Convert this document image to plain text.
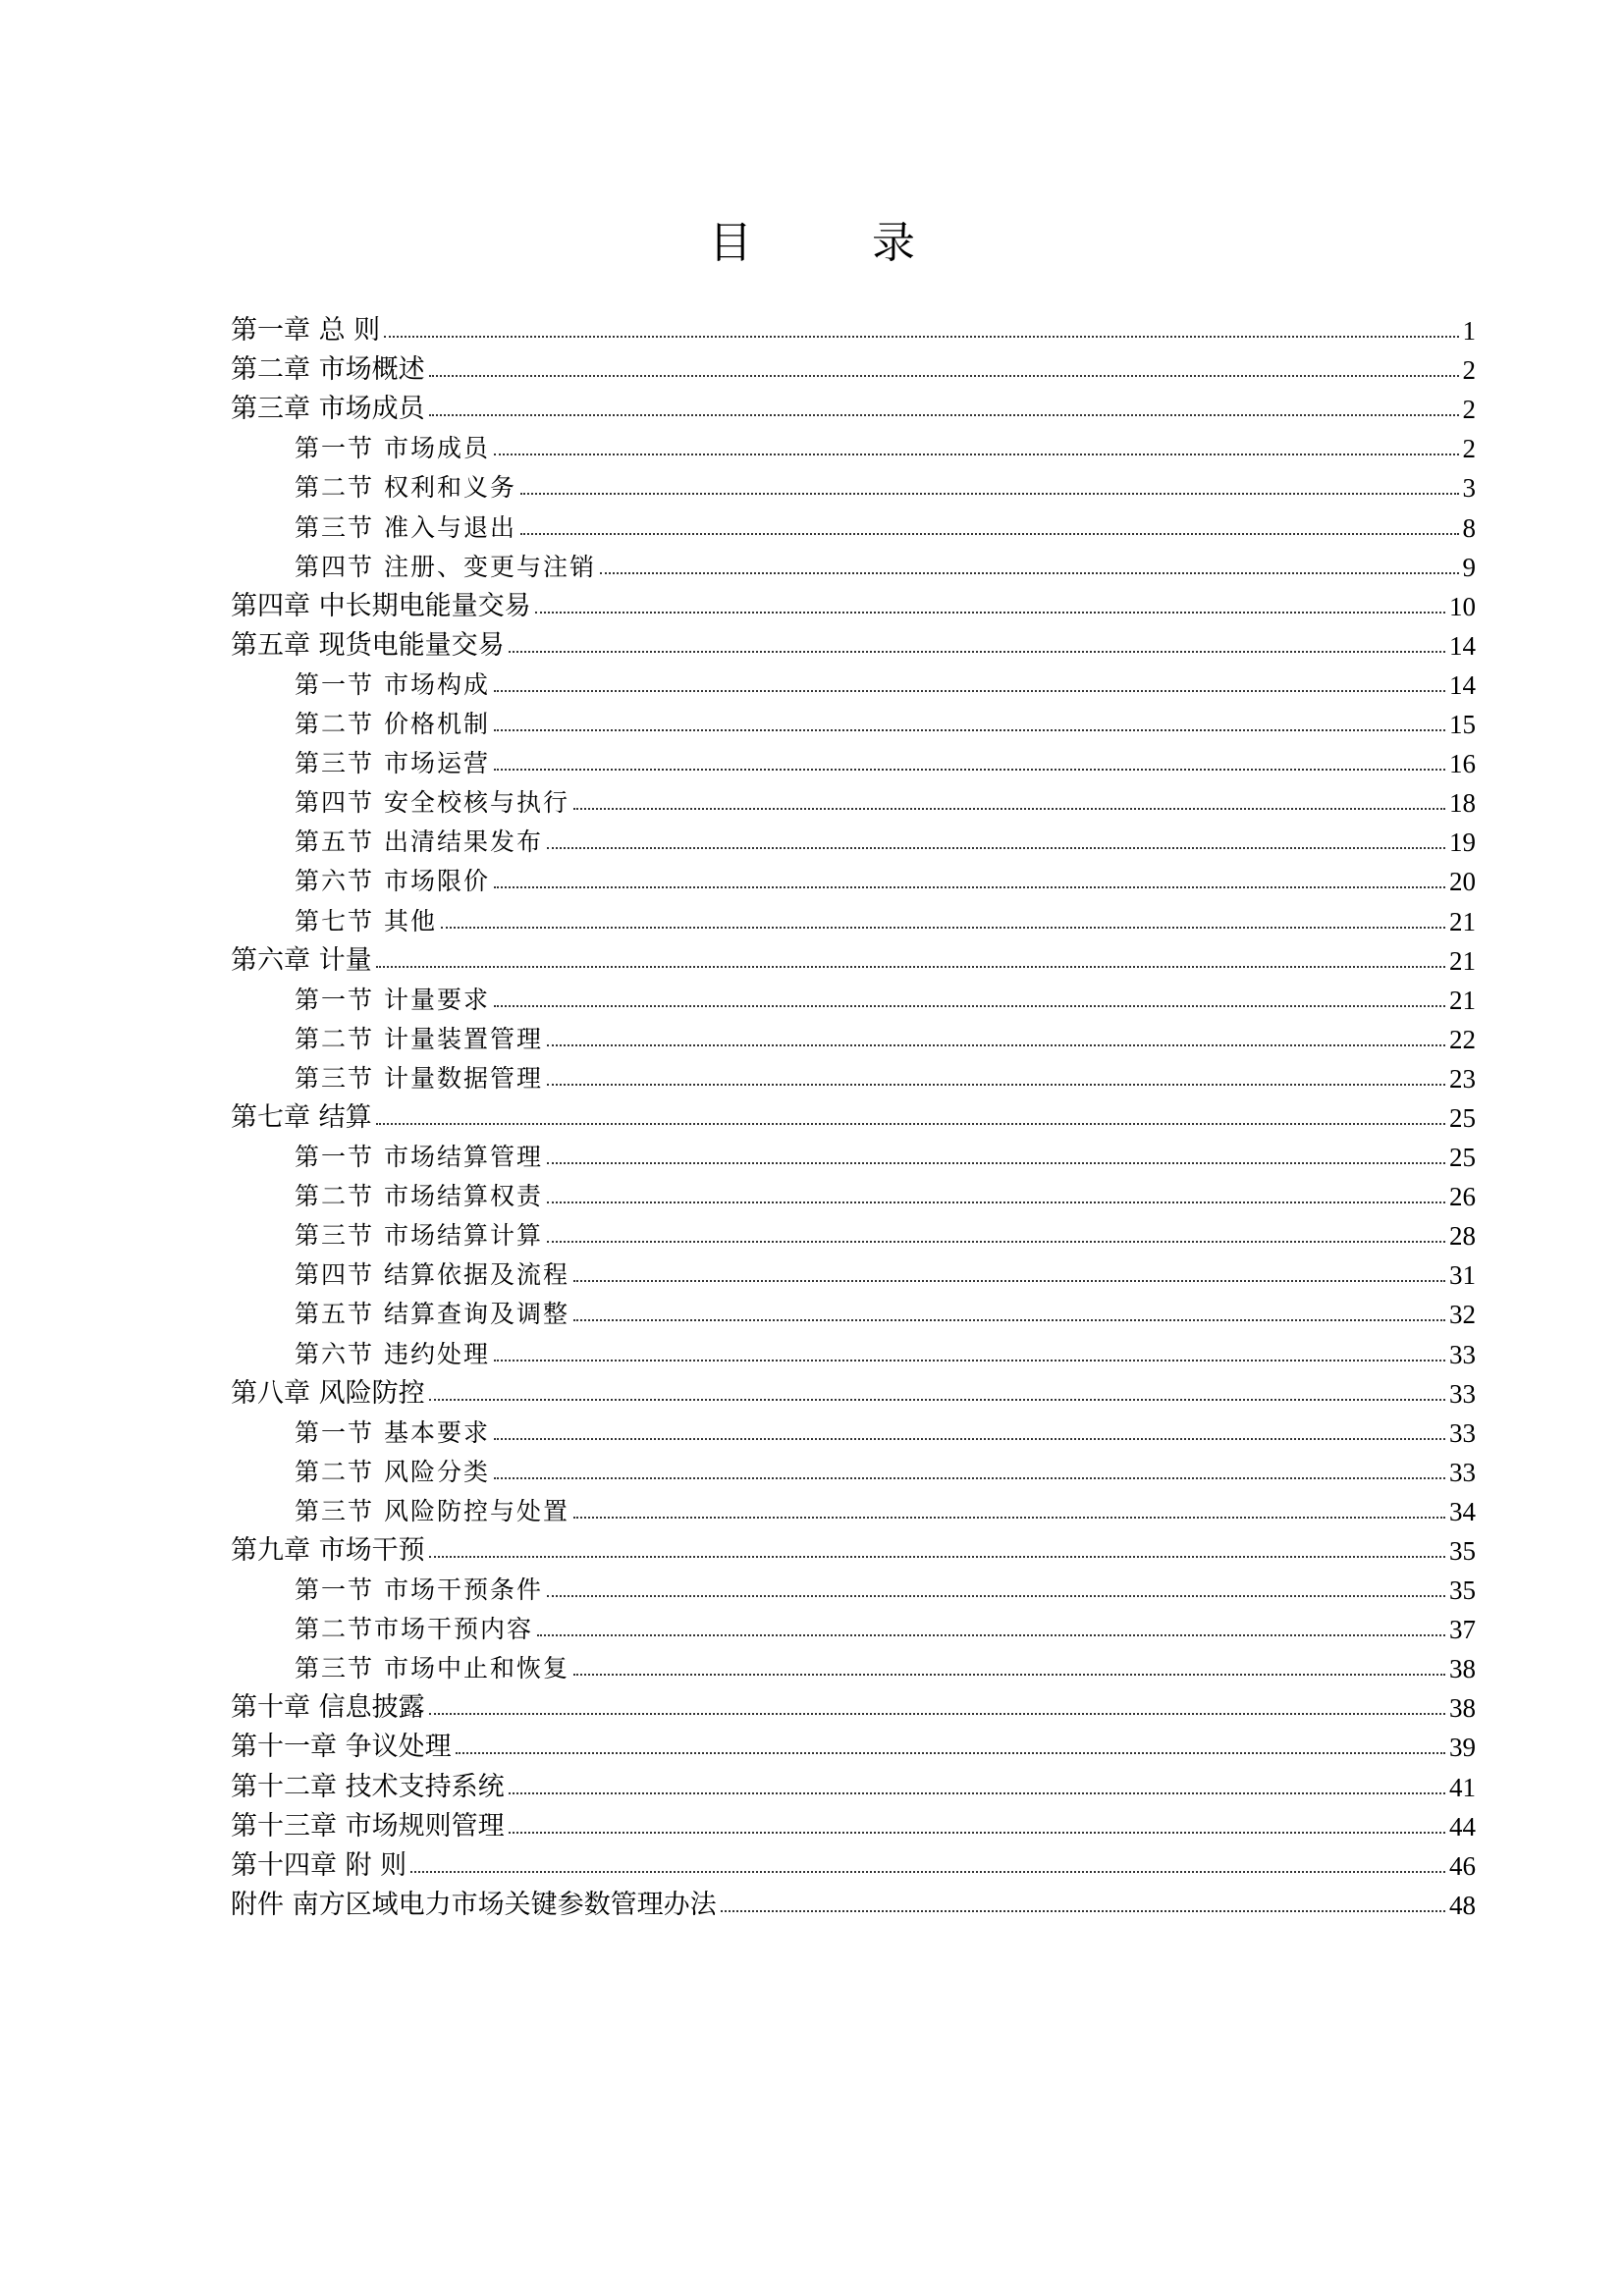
目 录
第一章 总 则	1
第二章 市场概述	2
第三章 市场成员	2
第一节 市场成员	2
第二节 权利和义务	3
第三节 准入与退出	8
第四节 注册、变更与注销	9
第四章 中长期电能量交易	10
第五章 现货电能量交易	14
第一节 市场构成	14
第二节 价格机制	15
第三节 市场运营	16
第四节 安全校核与执行	18
第五节 出清结果发布	19
第六节 市场限价	20
第七节 其他	21
第六章 计量	21
第一节 计量要求	21
第二节 计量装置管理	22
第三节 计量数据管理	23
第七章 结算	25
第一节 市场结算管理	25
第二节 市场结算权责	26
第三节 市场结算计算	28
第四节 结算依据及流程	31
第五节 结算查询及调整	32
第六节 违约处理	33
第八章 风险防控	33
第一节 基本要求	33
第二节 风险分类	33
第三节 风险防控与处置	34
第九章 市场干预	35
第一节 市场干预条件	35
第二节市场干预内容	37
第三节 市场中止和恢复	38
第十章 信息披露	38
第十一章 争议处理	39
第十二章 技术支持系统	41
第十三章 市场规则管理	44
第十四章 附 则	46
附件 南方区域电力市场关键参数管理办法	48
